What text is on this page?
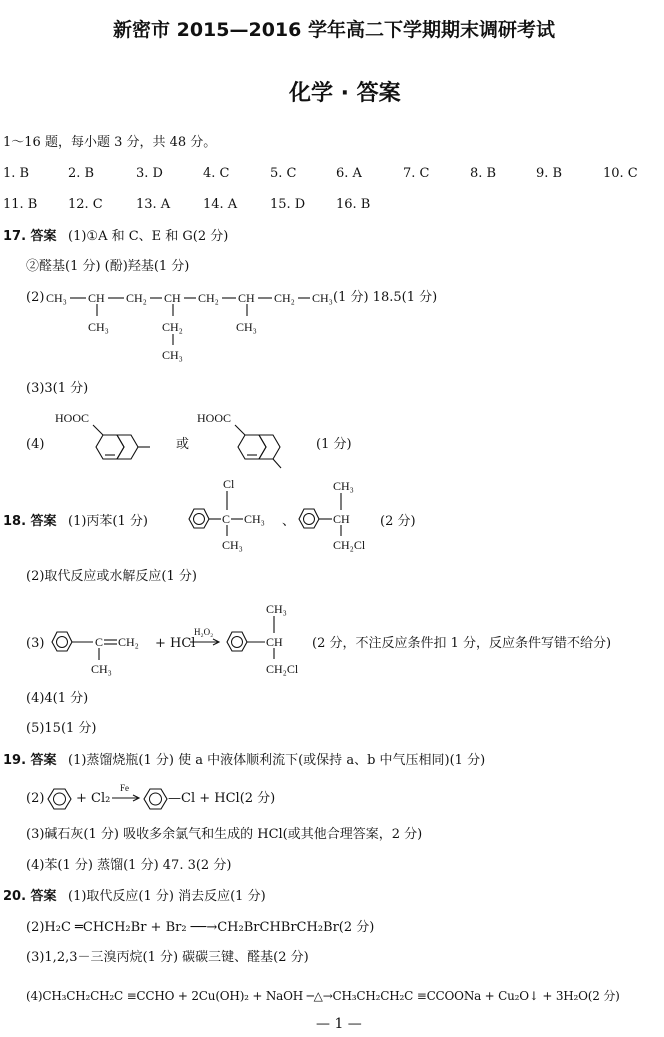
新密市 2015—2016 学年高二下学期期末调研考试
化学 · 答案
1～16 题，每小题 3 分，共 48 分。
1. B	2. B	3. D	4. C	5. C	6. A	7. C	8. B	9. B	10. C
11. B 12. C	13. A	14. A	15. D 16. B
17. 答案 (1)①A 和 C、E 和 G(2 分)
②醛基(1 分) (酚)羟基(1 分)
(2) CH₃ CH CH₂ CH CH₂ CH CH₂ CH₃
CH₃	CH₂
CH₃
CH₃
(1 分) 18.5(1 分)
(3)3(1 分)
(4)
HOOC
或
HOOC
(1 分)
18. 答案 (1)丙苯(1 分)	C
Cl
CH₃
CH₃
、	CH
CH₃
CH₂Cl
(2 分)
(2)取代反应或水解反应(1 分)
(3)	C CH₂
CH₃
+ HCl
H₂O₂
CH
CH₃
CH₂Cl
(2 分，不注反应条件扣 1 分，反应条件写错不给分)
(4)4(1 分)
(5)15(1 分)
19. 答案 (1)蒸馏烧瓶(1 分) 使 a 中液体顺利流下(或保持 a、b 中气压相同)(1 分)
(2) + Cl₂
Fe
—Cl + HCl(2 分)
(3)碱石灰(1 分) 吸收多余氯气和生成的 HCl(或其他合理答案，2 分)
(4)苯(1 分) 蒸馏(1 分) 47. 3(2 分)
20. 答案 (1)取代反应(1 分) 消去反应(1 分)
(2)H₂C ═CHCH₂Br + Br₂ ──→CH₂BrCHBrCH₂Br(2 分)
(3)1,2,3－三溴丙烷(1 分) 碳碳三键、醛基(2 分)
(4)CH₃CH₂CH₂C ≡CCHO + 2Cu(OH)₂ + NaOH ─△→CH₃CH₂CH₂C ≡CCOONa + Cu₂O↓ + 3H₂O(2 分)
— 1 —
